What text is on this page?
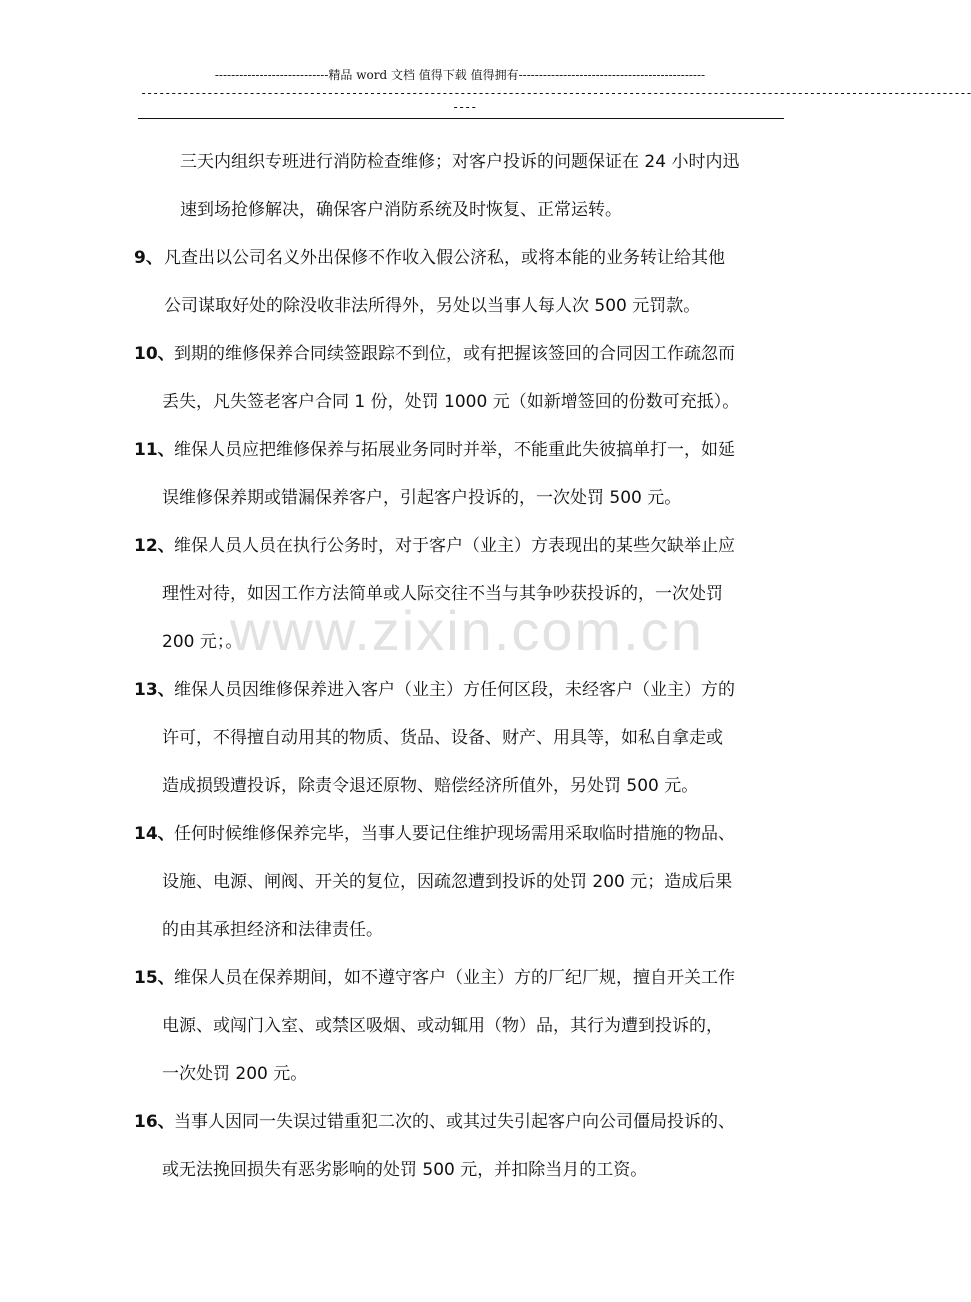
----------------------------精品 word 文档 值得下载 值得拥有----------------------------------------------
------------------------------------------------------------------------------------------------------------------------------------------
----
三天内组织专班进行消防检查维修；对客户投诉的问题保证在 24 小时内迅
速到场抢修解决，确保客户消防系统及时恢复、正常运转。
9、 凡查出以公司名义外出保修不作收入假公济私，或将本能的业务转让给其他
公司谋取好处的除没收非法所得外，另处以当事人每人次 500 元罚款。
10、 到期的维修保养合同续签跟踪不到位，或有把握该签回的合同因工作疏忽而
丢失，凡失签老客户合同 1 份，处罚 1000 元（如新增签回的份数可充抵）。
11、 维保人员应把维修保养与拓展业务同时并举，不能重此失彼搞单打一，如延
误维修保养期或错漏保养客户，引起客户投诉的，一次处罚 500 元。
12、 维保人员人员在执行公务时，对于客户（业主）方表现出的某些欠缺举止应
理性对待，如因工作方法简单或人际交往不当与其争吵获投诉的，一次处罚
200 元；。
13、 维保人员因维修保养进入客户（业主）方任何区段，未经客户（业主）方的
许可，不得擅自动用其的物质、货品、设备、财产、用具等，如私自拿走或
造成损毁遭投诉，除责令退还原物、赔偿经济所值外，另处罚 500 元。
14、 任何时候维修保养完毕，当事人要记住维护现场需用采取临时措施的物品、
设施、电源、闸阀、开关的复位，因疏忽遭到投诉的处罚 200 元；造成后果
的由其承担经济和法律责任。
15、 维保人员在保养期间，如不遵守客户（业主）方的厂纪厂规，擅自开关工作
电源、或闯门入室、或禁区吸烟、或动辄用（物）品，其行为遭到投诉的，
一次处罚 200 元。
16、 当事人因同一失误过错重犯二次的、或其过失引起客户向公司僵局投诉的、
或无法挽回损失有恶劣影响的处罚 500 元，并扣除当月的工资。
www.zixin.com.cn
